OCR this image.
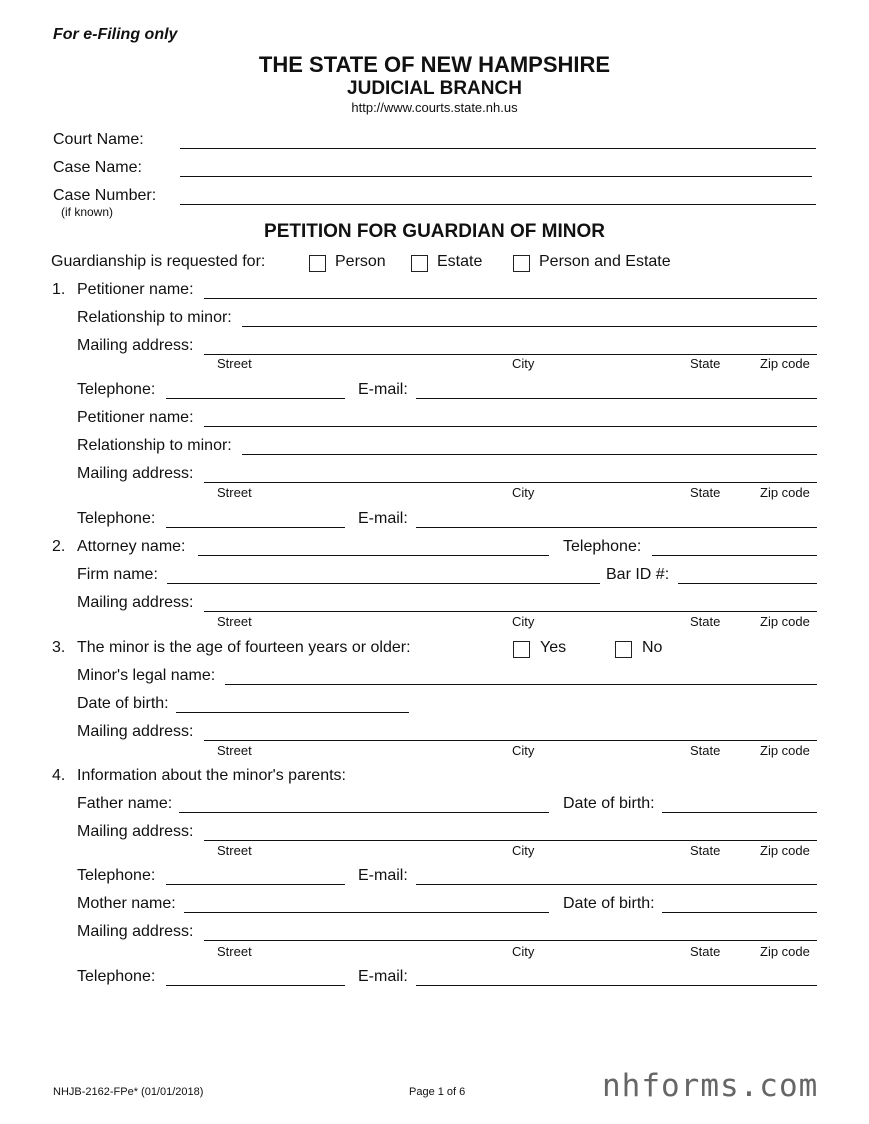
For e-Filing only
THE STATE OF NEW HAMPSHIRE
JUDICIAL BRANCH
http://www.courts.state.nh.us
Court Name:
Case Name:
Case Number:
(if known)
PETITION FOR GUARDIAN OF MINOR
Guardianship is requested for:	Person	Estate	Person and Estate
1. Petitioner name:
Relationship to minor:
Mailing address:
Street	City	State	Zip code
Telephone:	E-mail:
Petitioner name:
Relationship to minor:
Mailing address:
Street	City	State	Zip code
Telephone:	E-mail:
2. Attorney name:	Telephone:
Firm name:	Bar ID #:
Mailing address:
Street	City	State	Zip code
3. The minor is the age of fourteen years or older:	Yes	No
Minor's legal name:
Date of birth:
Mailing address:
Street	City	State	Zip code
4. Information about the minor's parents:
Father name:	Date of birth:
Mailing address:
Street	City	State	Zip code
Telephone:	E-mail:
Mother name:	Date of birth:
Mailing address:
Street	City	State	Zip code
Telephone:	E-mail:
NHJB-2162-FPe* (01/01/2018)	Page 1 of 6	nhforms.com
